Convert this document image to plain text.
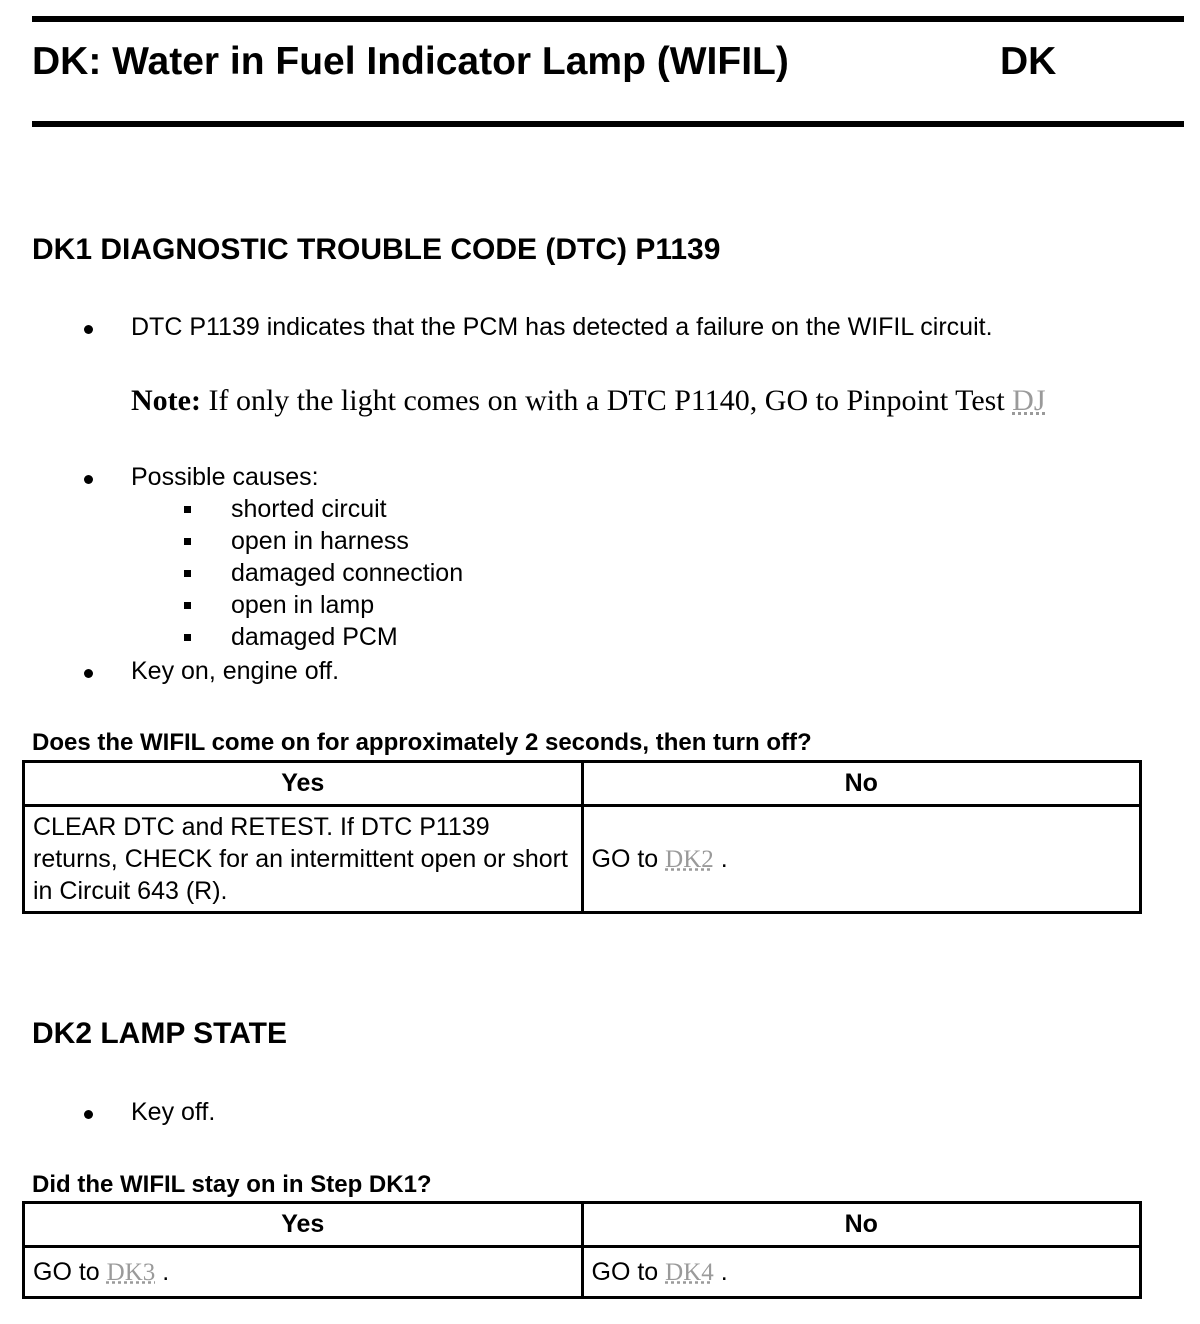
DK: Water in Fuel Indicator Lamp (WIFIL)	DK
DK1 DIAGNOSTIC TROUBLE CODE (DTC) P1139
DTC P1139 indicates that the PCM has detected a failure on the WIFIL circuit.
Note: If only the light comes on with a DTC P1140, GO to Pinpoint Test DJ
Possible causes:
shorted circuit
open in harness
damaged connection
open in lamp
damaged PCM
Key on, engine off.
Does the WIFIL come on for approximately 2 seconds, then turn off?
Yes	No
CLEAR DTC and RETEST. If DTC P1139 returns, CHECK for an intermittent open or short in Circuit 643 (R).	GO to DK2 .
DK2 LAMP STATE
Key off.
Did the WIFIL stay on in Step DK1?
Yes	No
GO to DK3 .	GO to DK4 .
